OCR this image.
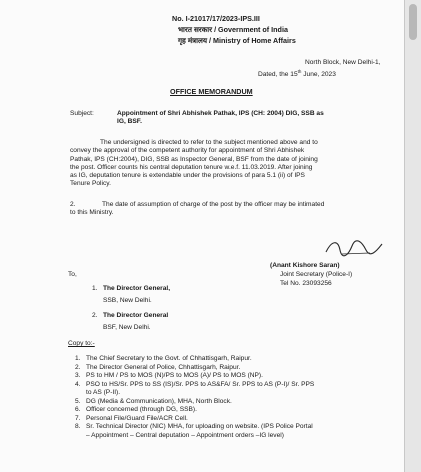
No. I-21017/17/2023-IPS.III
भारत सरकार / Government of India
गृह मंत्रालय / Ministry of Home Affairs
North Block, New Delhi-1,
Dated, the 15th June, 2023
OFFICE MEMORANDUM
Subject:	Appointment of Shri Abhishek Pathak, IPS (CH: 2004) DIG, SSB as
IG, BSF.
The undersigned is directed to refer to the subject mentioned above and to
convey the approval of the competent authority for appointment of Shri Abhishek
Pathak, IPS (CH:2004), DIG, SSB as Inspector General, BSF from the date of joining
the post. Officer counts his central deputation tenure w.e.f. 11.03.2019. After joining
as IG, deputation tenure is extendable under the provisions of para 5.1 (ii) of IPS
Tenure Policy.
2.	The date of assumption of charge of the post by the officer may be intimated
to this Ministry.
(Anant Kishore Saran)
Joint Secretary (Police-I)
Tel No. 23093256
To,
1. The Director General,
SSB, New Delhi.
2. The Director General
BSF, New Delhi.
Copy to:-
1. The Chief Secretary to the Govt. of Chhattisgarh, Raipur.
2. The Director General of Police, Chhattisgarh, Raipur.
3. PS to HM / PS to MOS (N)/PS to MOS (A)/ PS to MOS (NP).
4. PSO to HS/Sr. PPS to SS (IS)/Sr. PPS to AS&FA/ Sr. PPS to AS (P-I)/ Sr. PPS
to AS (P-II).
5. DG (Media & Communication), MHA, North Block.
6. Officer concerned (through DG, SSB).
7. Personal File/Guard File/ACR Cell.
8. Sr. Technical Director (NIC) MHA, for uploading on website. (IPS Police Portal
– Appointment – Central deputation – Appointment orders –IG level)
